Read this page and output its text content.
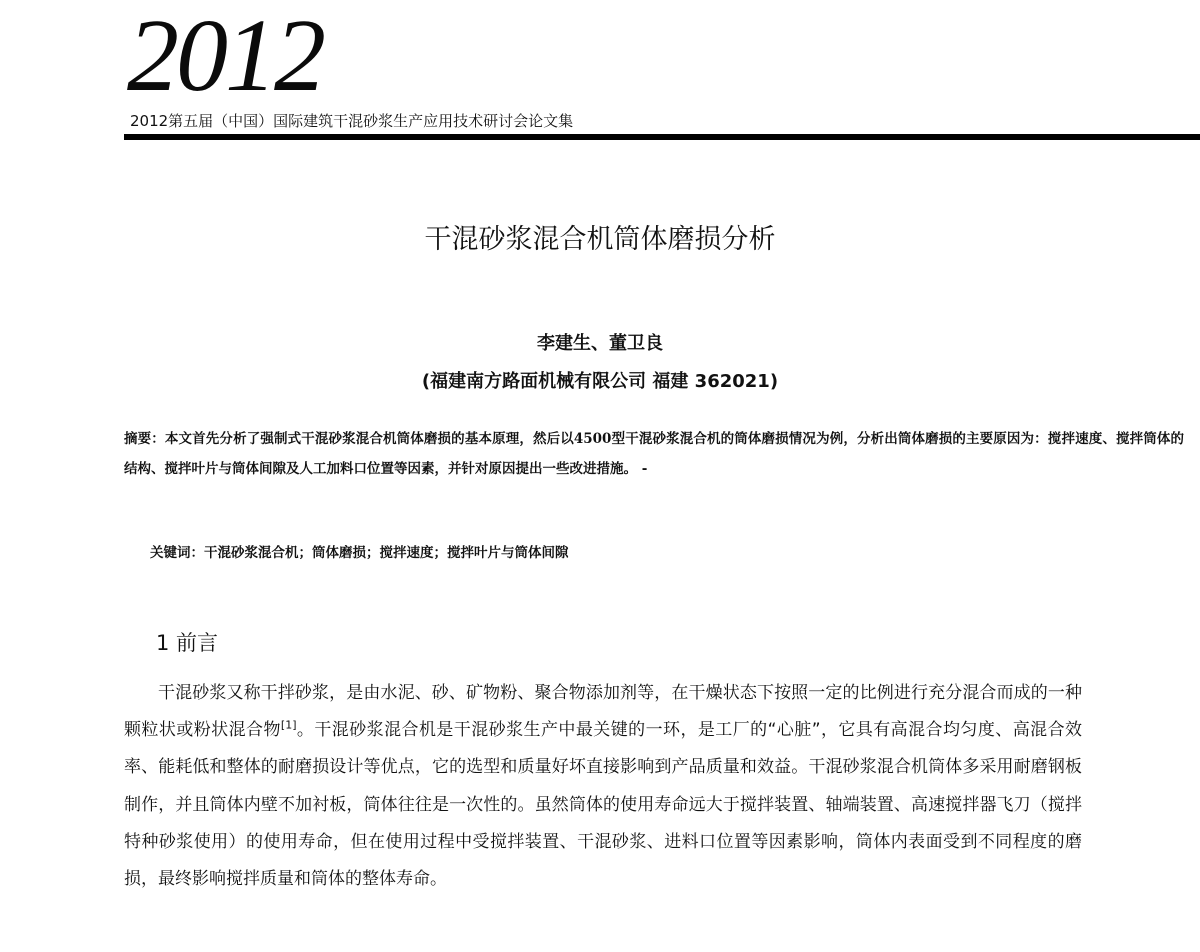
2012
2012第五届（中国）国际建筑干混砂浆生产应用技术研讨会论文集
干混砂浆混合机筒体磨损分析
李建生、董卫良
(福建南方路面机械有限公司 福建 362021)
摘要：本文首先分析了强制式干混砂浆混合机筒体磨损的基本原理，然后以4500型干混砂浆混合机的筒体磨损情况为例，分析出筒体磨损的主要原因为：搅拌速度、搅拌筒体的结构、搅拌叶片与筒体间隙及人工加料口位置等因素，并针对原因提出一些改进措施。 -
关键词：干混砂浆混合机；筒体磨损；搅拌速度；搅拌叶片与筒体间隙
1 前言
干混砂浆又称干拌砂浆，是由水泥、砂、矿物粉、聚合物添加剂等，在干燥状态下按照一定的比例进行充分混合而成的一种颗粒状或粉状混合物[1]。干混砂浆混合机是干混砂浆生产中最关键的一环，是工厂的“心脏”，它具有高混合均匀度、高混合效率、能耗低和整体的耐磨损设计等优点，它的选型和质量好坏直接影响到产品质量和效益。干混砂浆混合机筒体多采用耐磨钢板制作，并且筒体内壁不加衬板，筒体往往是一次性的。虽然筒体的使用寿命远大于搅拌装置、轴端装置、高速搅拌器飞刀（搅拌特种砂浆使用）的使用寿命，但在使用过程中受搅拌装置、干混砂浆、进料口位置等因素影响，筒体内表面受到不同程度的磨损，最终影响搅拌质量和筒体的整体寿命。
